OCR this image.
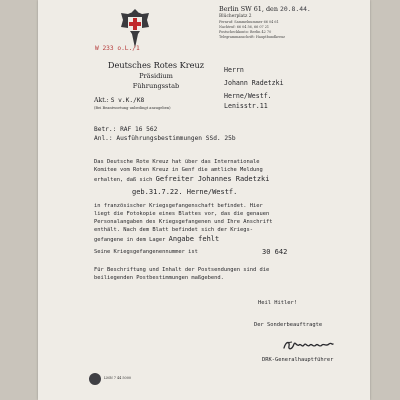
Deutsches Rotes Kreuz
Präsidium
Führungsstab
W 233 o.L./1
Berlin SW 61, den 20.8.44.
Blücherplatz 2
Fernruf: Sammelnummer 66 04 61
Nachtruf: 66 04 56, 66 07 21
Postscheckkonto: Berlin 42 70
Telegrammanschrift: Hauptbundkreuz
Herrn
Johann Radetzki
Herne/Westf.
Lenisstr.11
Akt.: S v.K./K8
(Bei Beantwortung unbedingt anzugeben)
Betr.: RAF 16 562
Anl.: Ausführungsbestimmungen SSd. 25b
Das Deutsche Rote Kreuz hat über das Internationale
Komitee vom Roten Kreuz in Genf die amtliche Meldung
erhalten, daß sich Gefreiter Johannes Radetzki
geb.31.7.22. Herne/Westf.
in französischer Kriegsgefangenschaft befindet. Hier
liegt die Fotokopie eines Blattes vor, das die genauen
Personalangaben des Kriegsgefangenen und Ihre Anschrift
enthält. Nach dem Blatt befindet sich der Kriegs-
gefangene in dem Lager Angabe fehlt
Seine Kriegsgefangenennummer ist	30 642
Für Beschriftung und Inhalt der Postsendungen sind die
beiliegenden Postbestimmungen maßgebend.
Heil Hitler!
Der Sonderbeauftragte
DRK-Generalhauptführer
LMN 7 44 5000
